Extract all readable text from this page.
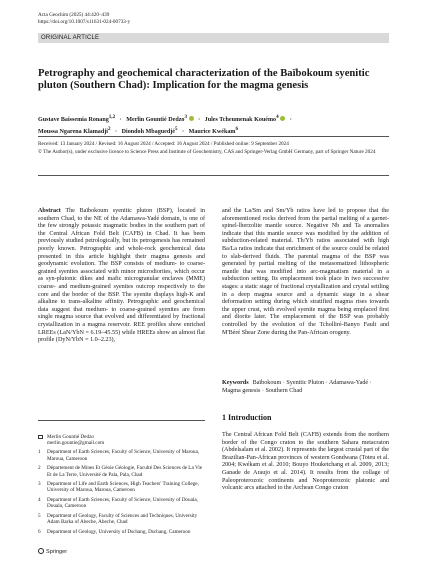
Acta Geochim (2025) 44:420–439
https://doi.org/10.1007/s11631-024-00733-y
ORIGINAL ARTICLE
Petrography and geochemical characterization of the Baïbokoum syenitic pluton (Southern Chad): Implication for the magma genesis
Gustave Baissemia Ronang$^{1,2}$ · Merlin Gountié Dedzo$^3$  · Jules Tcheumenak Kouémo$^4$  ·
Moussa Ngarena Klamadji$^2$ · Diondoh Mbaguedjé$^5$ · Maurice Kwékam$^6$
Received: 13 January 2024 / Revised: 16 August 2024 / Accepted: 16 August 2024 / Published online: 9 September 2024
© The Author(s), under exclusive licence to Science Press and Institute of Geochemistry, CAS and Springer-Verlag GmbH Germany, part of Springer Nature 2024

Abstract The Baïbokoum syenitic pluton (BSP), located in southern Chad, to the NE of the Adamawa-Yadé domain, is one of the few strongly potassic magmatic bodies in the southern part of the Central African Fold Belt (CAFB) in Chad. It has been previously studied petrologically, but its petrogenesis has remained poorly known. Petrographic and whole-rock geochemical data presented in this article highlight their magma genesis and geodynamic evolution. The BSP consists of medium- to coarse-grained syenites associated with minor microdiorites, which occur as syn-plutonic dikes and mafic microgranular enclaves (MME) coarse- and medium-grained syenites outcrop respectively to the core and the border of the BSP. The syenite displays high-K and alkaline to trans-alkaline affinity. Petrographic and geochemical data suggest that medium- to coarse-grained syenites are from single magma source that evolved and differentiated by fractional crystallization in a magma reservoir. REE profiles show enriched LREEs (LaN/YbN = 6.19–45.55) while HREEs show an almost flat profile (DyN/YbN = 1.0–2.23),

and the La/Sm and Sm/Yb ratios have led to propose that the aforementioned rocks derived from the partial melting of a garnet-spinel-lherzolite mantle source. Negative Nb and Ta anomalies indicate that this mantle source was modified by the addition of subduction-related material. Th/Yb ratios associated with high Ba/La ratios indicate that enrichment of the source could be related to slab-derived fluids. The parental magma of the BSP was generated by partial melting of the metasomatized lithospheric mantle that was modified into arc-magmatism material in a subduction setting. Its emplacement took place in two successive stages: a static stage of fractional crystallization and crystal settling in a deep magma source and a dynamic stage in a shear deformation setting during which stratified magma rises towards the upper crust, with evolved syenite magma being emplaced first and diorite later. The emplacement of the BSP was probably controlled by the evolution of the Tcholliré-Banyo Fault and M'Béré Shear Zone during the Pan-African orogeny.

Keywords Baïbokoum · Syenitic Pluton · Adamawa-Yadé · Magma genesis · Southern Chad
1 Introduction
The Central African Fold Belt (CAFB) extends from the northern border of the Congo craton to the southern Sahara metacraton (Abdelsalam et al. 2002). It represents the largest crustal part of the Brazilian-Pan-African provinces of western Gondwana (Toteu et al. 2004; Kwékam et al. 2010; Bouyo Houketchang et al. 2009, 2013; Ganade de Araujo et al. 2014). It results from the collage of Paleoproterozoic continents and Neoproterozoic platonic and volcanic arcs attached to the Archean Congo craton
Merlin Gountié Dedzo
merlin.gountie@gmail.com
1 Department of Earth Sciences, Faculty of Science, University of Maroua, Maroua, Cameroon
2 Département de Mines Et Géoie Géologie, Faculté Des Sciences de La Vie Et de La Terre, Université de Pala, Pala, Chad
3 Department of Life and Earth Sciences, High Teachers' Training College, University of Maroua, Maroua, Cameroon
4 Department of Earth Sciences, Faculty of Science, University of Douala, Douala, Cameroon
5 Department of Geology, Faculty of Sciences and Techniques, University Adam Barka of Abeche, Abeche, Chad
6 Department of Geology, University of Dschang, Dschang, Cameroon
Springer
